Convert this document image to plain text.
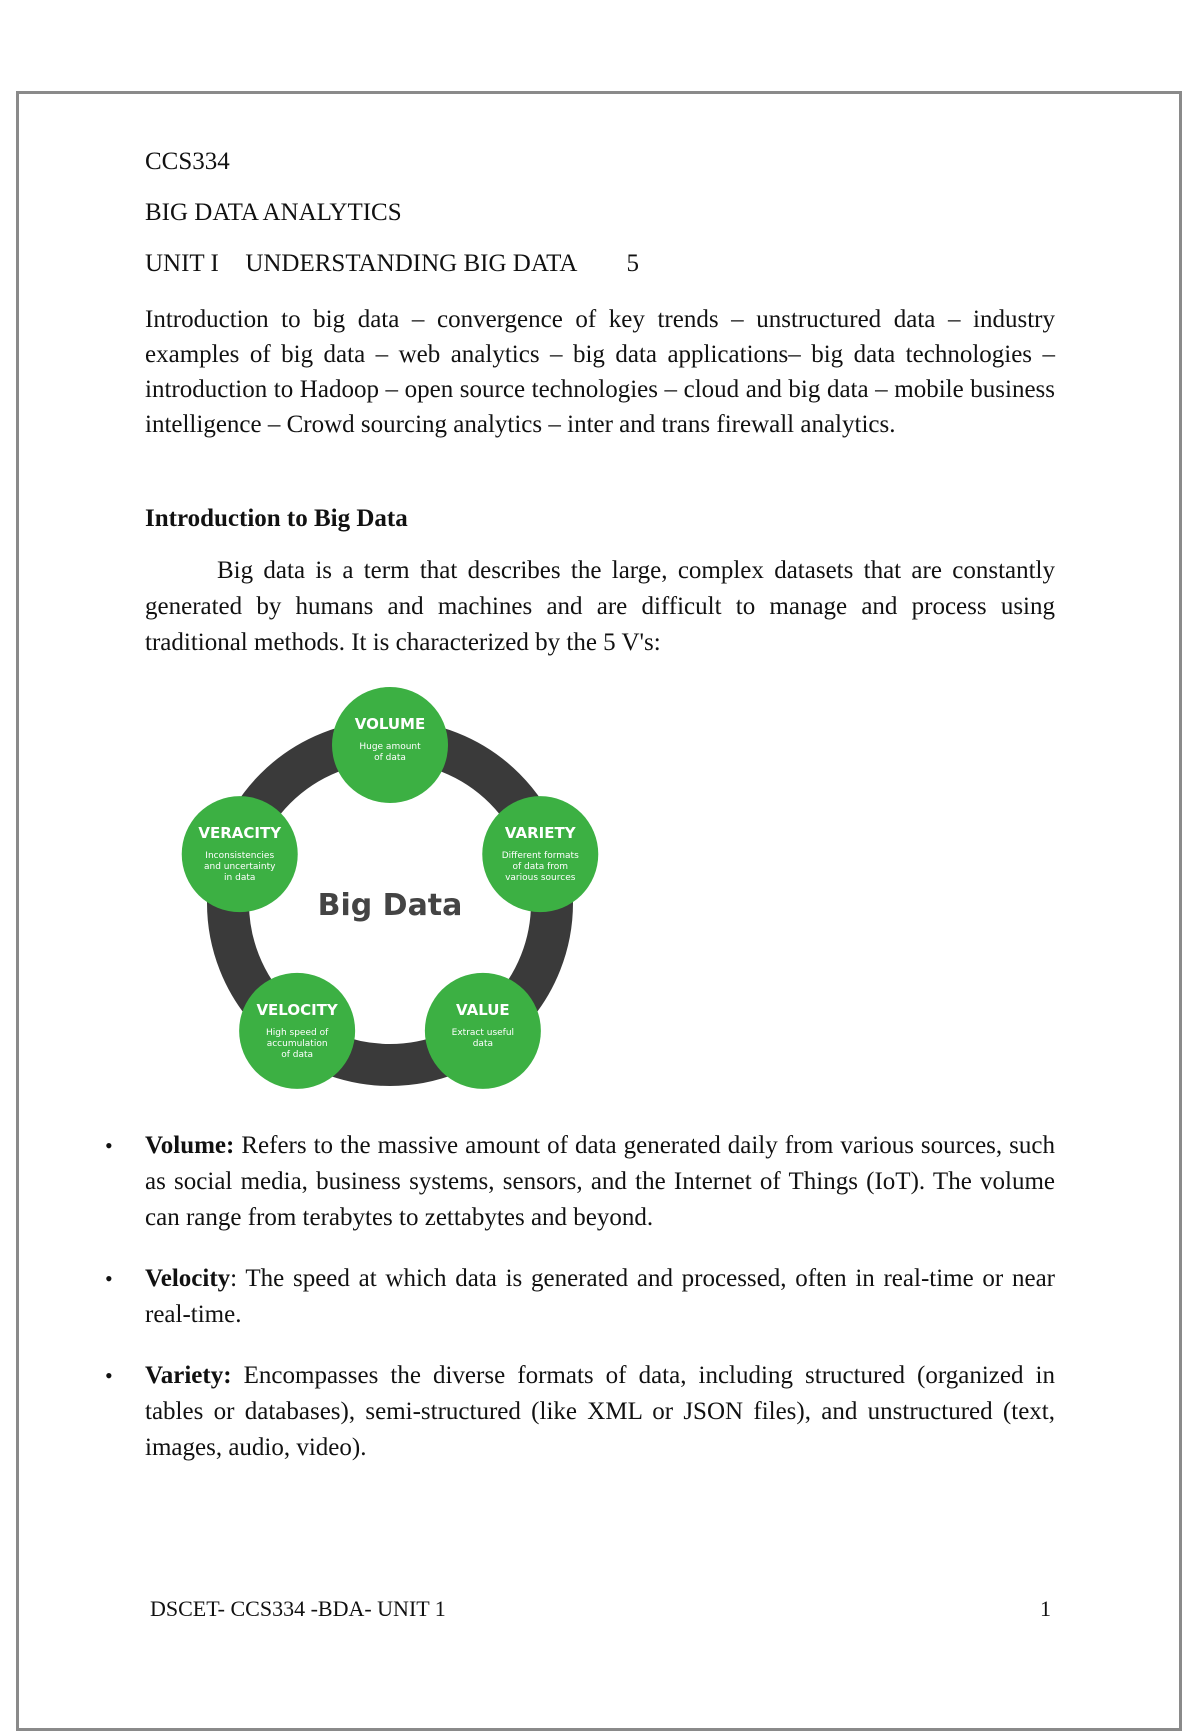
CCS334
BIG DATA ANALYTICS
UNIT I UNDERSTANDING BIG DATA 5
Introduction to big data – convergence of key trends – unstructured data – industry examples of big data – web analytics – big data applications– big data technologies – introduction to Hadoop – open source technologies – cloud and big data – mobile business intelligence – Crowd sourcing analytics – inter and trans firewall analytics.
Introduction to Big Data
Big data is a term that describes the large, complex datasets that are constantly generated by humans and machines and are difficult to manage and process using traditional methods. It is characterized by the 5 V's:
Big Data
VOLUME
Huge amount
of data
VARIETY
Different formats
of data from
various sources
VALUE
Extract useful
data
VELOCITY
High speed of
accumulation
of data
VERACITY
Inconsistencies
and uncertainty
in data
• Volume: Refers to the massive amount of data generated daily from various sources, such as social media, business systems, sensors, and the Internet of Things (IoT). The volume can range from terabytes to zettabytes and beyond.
• Velocity: The speed at which data is generated and processed, often in real-time or near real-time.
• Variety: Encompasses the diverse formats of data, including structured (organized in tables or databases), semi-structured (like XML or JSON files), and unstructured (text, images, audio, video).
DSCET- CCS334 -BDA- UNIT 1	1
